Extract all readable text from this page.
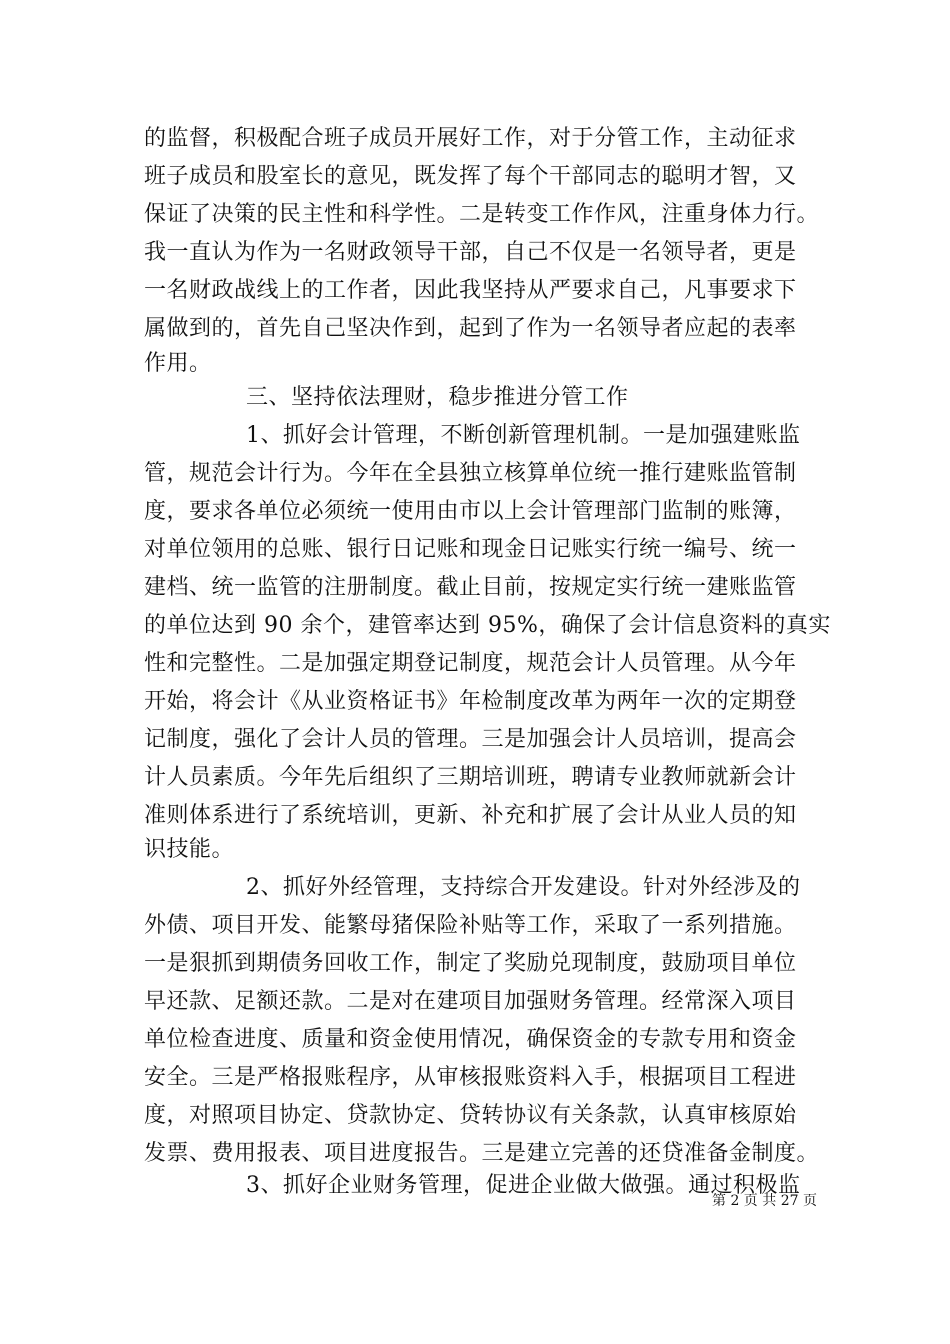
的监督，积极配合班子成员开展好工作，对于分管工作，主动征求
班子成员和股室长的意见，既发挥了每个干部同志的聪明才智，又
保证了决策的民主性和科学性。二是转变工作作风，注重身体力行。
我一直认为作为一名财政领导干部，自己不仅是一名领导者，更是
一名财政战线上的工作者，因此我坚持从严要求自己，凡事要求下
属做到的，首先自己坚决作到，起到了作为一名领导者应起的表率
作用。
三、坚持依法理财，稳步推进分管工作
1、抓好会计管理，不断创新管理机制。一是加强建账监
管，规范会计行为。今年在全县独立核算单位统一推行建账监管制
度，要求各单位必须统一使用由市以上会计管理部门监制的账簿，
对单位领用的总账、银行日记账和现金日记账实行统一编号、统一
建档、统一监管的注册制度。截止目前，按规定实行统一建账监管
的单位达到 90 余个，建管率达到 95%，确保了会计信息资料的真实
性和完整性。二是加强定期登记制度，规范会计人员管理。从今年
开始，将会计《从业资格证书》年检制度改革为两年一次的定期登
记制度，强化了会计人员的管理。三是加强会计人员培训，提高会
计人员素质。今年先后组织了三期培训班，聘请专业教师就新会计
准则体系进行了系统培训，更新、补充和扩展了会计从业人员的知
识技能。
2、抓好外经管理，支持综合开发建设。针对外经涉及的
外债、项目开发、能繁母猪保险补贴等工作，采取了一系列措施。
一是狠抓到期债务回收工作，制定了奖励兑现制度，鼓励项目单位
早还款、足额还款。二是对在建项目加强财务管理。经常深入项目
单位检查进度、质量和资金使用情况，确保资金的专款专用和资金
安全。三是严格报账程序，从审核报账资料入手，根据项目工程进
度，对照项目协定、贷款协定、贷转协议有关条款，认真审核原始
发票、费用报表、项目进度报告。三是建立完善的还贷准备金制度。
3、抓好企业财务管理，促进企业做大做强。通过积极监
第 2 页 共 27 页
